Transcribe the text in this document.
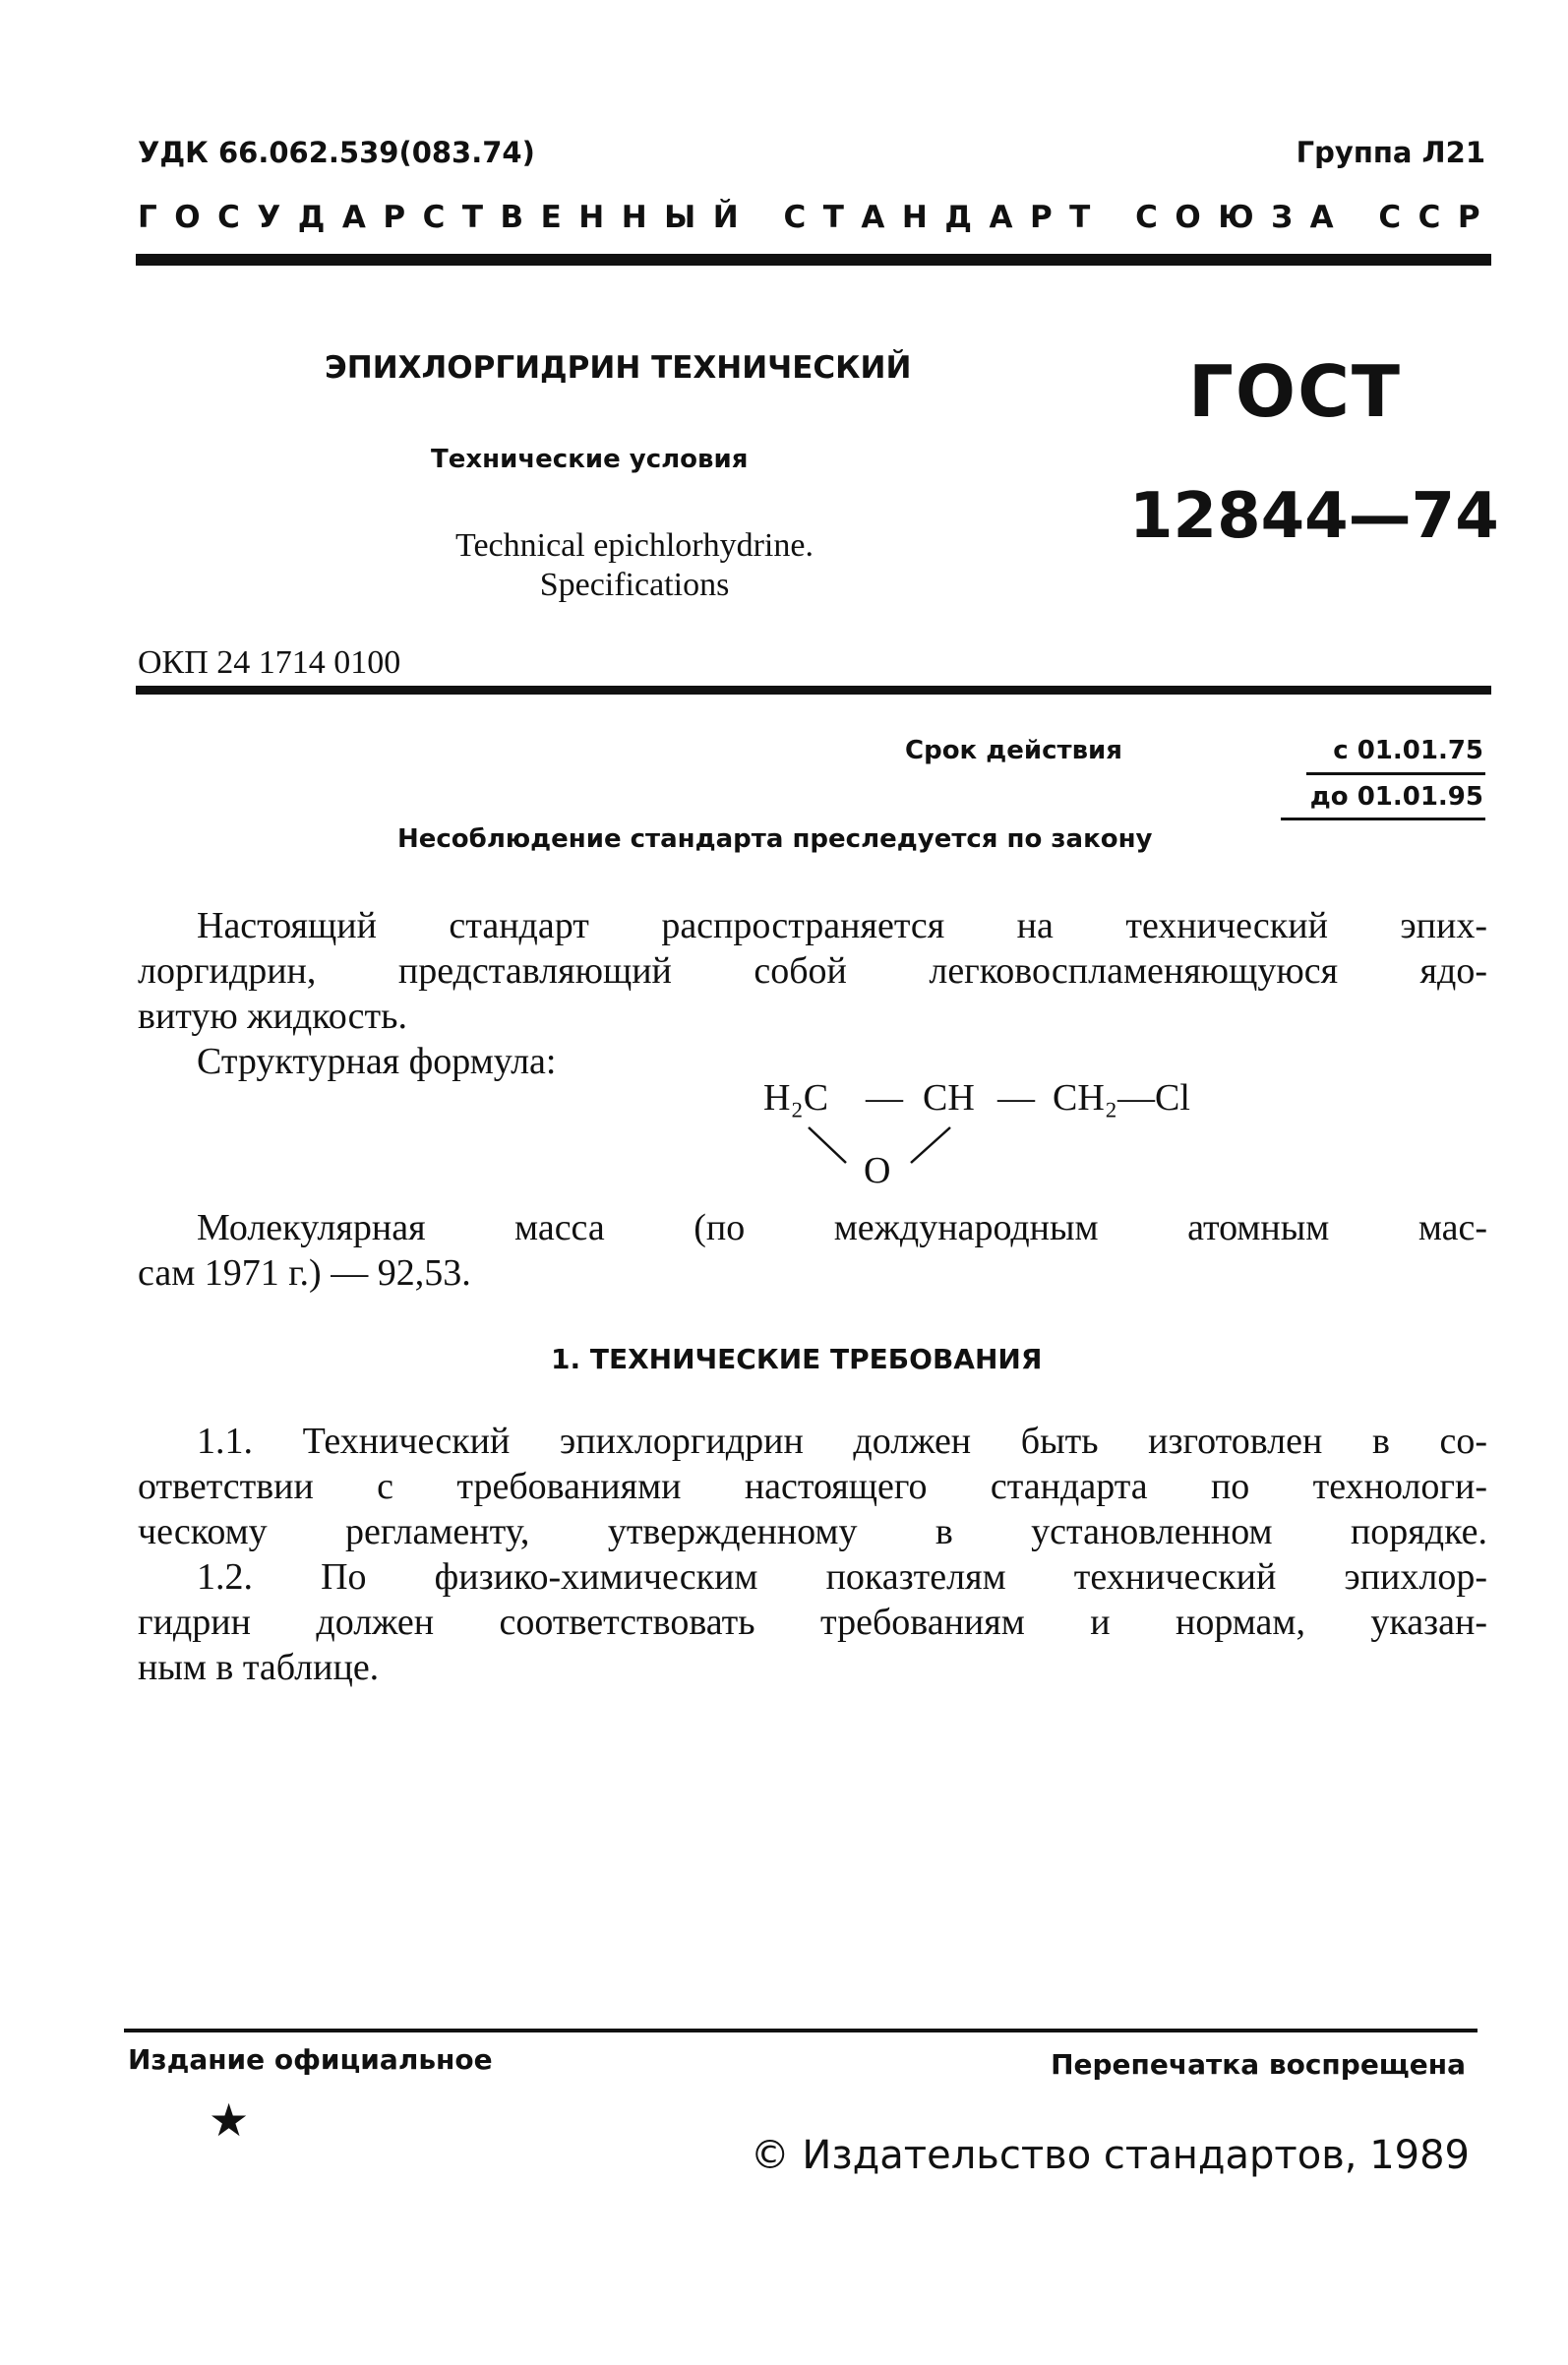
УДК 66.062.539(083.74)	Группа Л21
ГОСУДАРСТВЕННЫЙ СТАНДАРТ СОЮЗА ССР
ЭПИХЛОРГИДРИН ТЕХНИЧЕСКИЙ
Технические условия
Technical epichlorhydrine.
Specifications
ГОСТ
12844—74
ОКП 24 1714 0100
Срок действия	с 01.01.75
до 01.01.95
Несоблюдение стандарта преследуется по закону
Настоящий стандарт распространяется на технический эпих-
лоргидрин, представляющий собой легковоспламеняющуюся ядо-
витую жидкость.
Структурная формула:
H₂C — CH — CH₂—Cl
O
Молекулярная масса (по международным атомным мас-
сам 1971 г.) — 92,53.
1. ТЕХНИЧЕСКИЕ ТРЕБОВАНИЯ
1.1. Технический эпихлоргидрин должен быть изготовлен в со-
ответствии с требованиями настоящего стандарта по технологи-
ческому регламенту, утвержденному в установленном порядке.
1.2. По физико-химическим показтелям технический эпихлор-
гидрин должен соответствовать требованиям и нормам, указан-
ным в таблице.
Издание официальное	Перепечатка воспрещена
★
© Издательство стандартов, 1989
